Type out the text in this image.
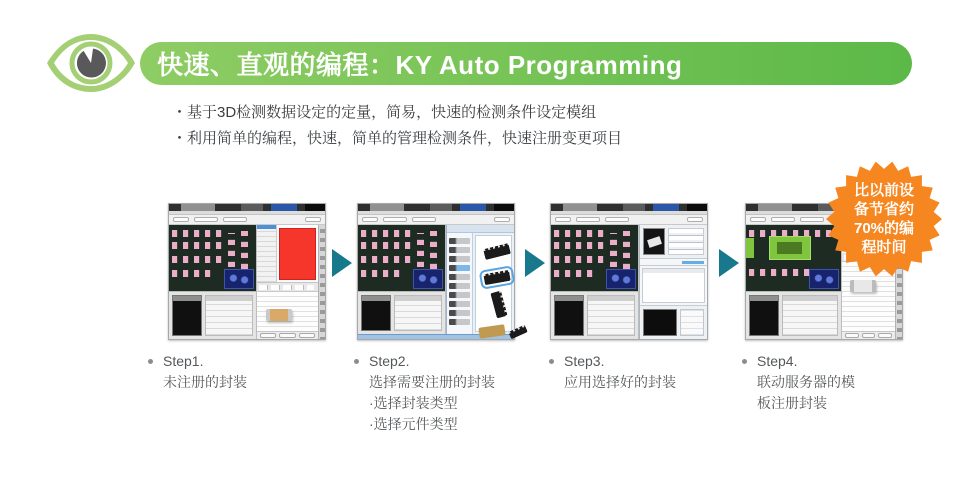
快速、直观的编程：KY Auto Programming
・基于3D检测数据设定的定量，简易，快速的检测条件设定模组
・利用简单的编程，快速，简单的管理检测条件，快速注册变更项目
比以前设
备节省约
70%的编
程时间
Step1.
未注册的封装
Step2.
选择需要注册的封装
·选择封装类型
·选择元件类型
Step3.
应用选择好的封装
Step4.
联动服务器的模
板注册封装
